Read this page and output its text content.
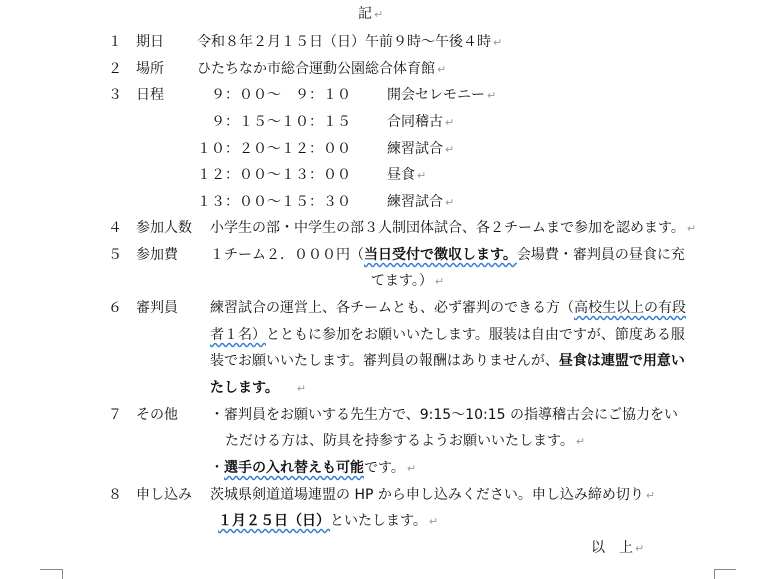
記 ↵
１ 期日 令和８年２月１５日（日）午前９時〜午後４時 ↵
２ 場所 ひたちなか市総合運動公園総合体育館 ↵
３ 日程 　９：００〜　９：１０	開会セレモニー ↵
　９：１５〜１０：１５	合同稽古 ↵
１０：２０〜１２：００	練習試合 ↵
１２：００〜１３：００	昼食 ↵
１３：００〜１５：３０	練習試合 ↵
４ 参加人数 小学生の部・中学生の部３人制団体試合、各２チームまで参加を認めます。 ↵
５ 参加費 １チーム２．０００円（当日受付で徴収します。会場費・審判員の昼食に充
てます。） ↵
６ 審判員 練習試合の運営上、各チームとも、必ず審判のできる方（高校生以上の有段
者１名）とともに参加をお願いいたします。服装は自由ですが、節度ある服
装でお願いいたします。審判員の報酬はありませんが、昼食は連盟で用意い
たします。 ↵
７ その他 ・審判員をお願いする先生方で、9:15〜10:15 の指導稽古会にご協力をい
ただける方は、防具を持参するようお願いいたします。 ↵
・選手の入れ替えも可能です。 ↵
８ 申し込み 茨城県剣道道場連盟の HP から申し込みください。申し込み締め切り ↵
１月２５日（日）といたします。 ↵
以　上 ↵
